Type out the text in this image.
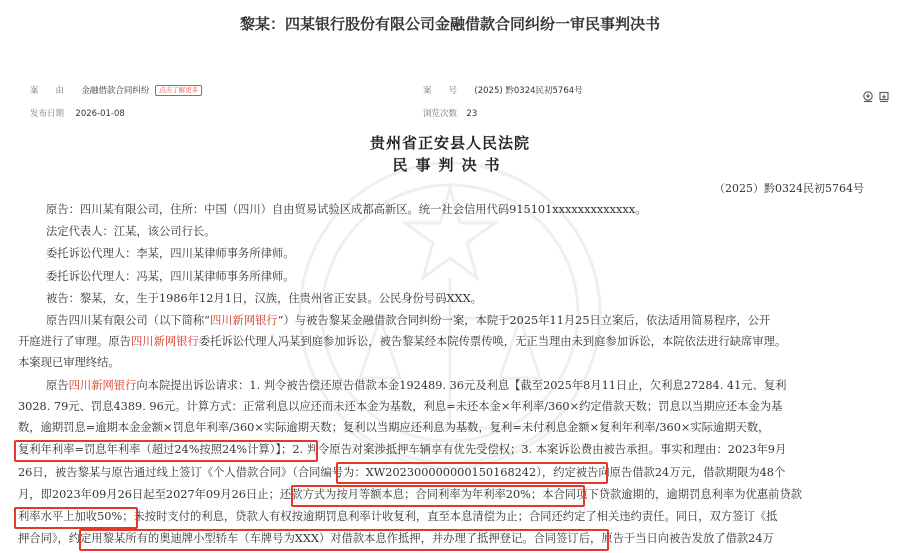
黎某：四某银行股份有限公司金融借款合同纠纷一审民事判决书
案　　由 金融借款合同纠纷 点击了解更多	案　　号 (2025) 黔0324民初5764号
发布日期 2026-01-08	浏览次数 23
贵州省正安县人民法院
民事判决书
（2025）黔0324民初5764号
原告：四川某有限公司，住所：中国（四川）自由贸易试验区成都高新区。统一社会信用代码915101xxxxxxxxxxxxx。
法定代表人：江某，该公司行长。
委托诉讼代理人：李某，四川某律师事务所律师。
委托诉讼代理人：冯某，四川某律师事务所律师。
被告：黎某，女，生于1986年12月1日，汉族，住贵州省正安县。公民身份号码XXX。
原告四川某有限公司（以下简称“四川新网银行”）与被告黎某金融借款合同纠纷一案，本院于2025年11月25日立案后，依法适用简易程序，公开
开庭进行了审理。原告四川新网银行委托诉讼代理人冯某到庭参加诉讼，被告黎某经本院传票传唤，无正当理由未到庭参加诉讼，本院依法进行缺席审理。
本案现已审理终结。
原告四川新网银行向本院提出诉讼请求：1. 判令被告偿还原告借款本金192489. 36元及利息【截至2025年8月11日止，欠利息27284. 41元、复利
3028. 79元、罚息4389. 96元。计算方式：正常利息以应还而未还本金为基数，利息=未还本金×年利率/360×约定借款天数；罚息以当期应还本金为基
数，逾期罚息=逾期本金金额×罚息年利率/360×实际逾期天数；复利以当期应还利息为基数，复利=未付利息金额×复利年利率/360×实际逾期天数，
复利年利率=罚息年利率（超过24%按照24%计算）】；2. 判令原告对案涉抵押车辆享有优先受偿权；3. 本案诉讼费由被告承担。事实和理由：2023年9月
26日，被告黎某与原告通过线上签订《个人借款合同》（合同编号为：XW202300000000150168242），约定被告向原告借款24万元，借款期限为48个
月，即2023年09月26日起至2027年09月26日止；还款方式为按月等额本息；合同利率为年利率20%；本合同项下贷款逾期的，逾期罚息利率为优惠前贷款
利率水平上加收50%；未按时支付的利息，贷款人有权按逾期罚息利率计收复利，直至本息清偿为止；合同还约定了相关违约责任。同日，双方签订《抵
押合同》，约定用黎某所有的奥迪牌小型轿车（车牌号为XXX）对借款本息作抵押，并办理了抵押登记。合同签订后，原告于当日向被告发放了借款24万
